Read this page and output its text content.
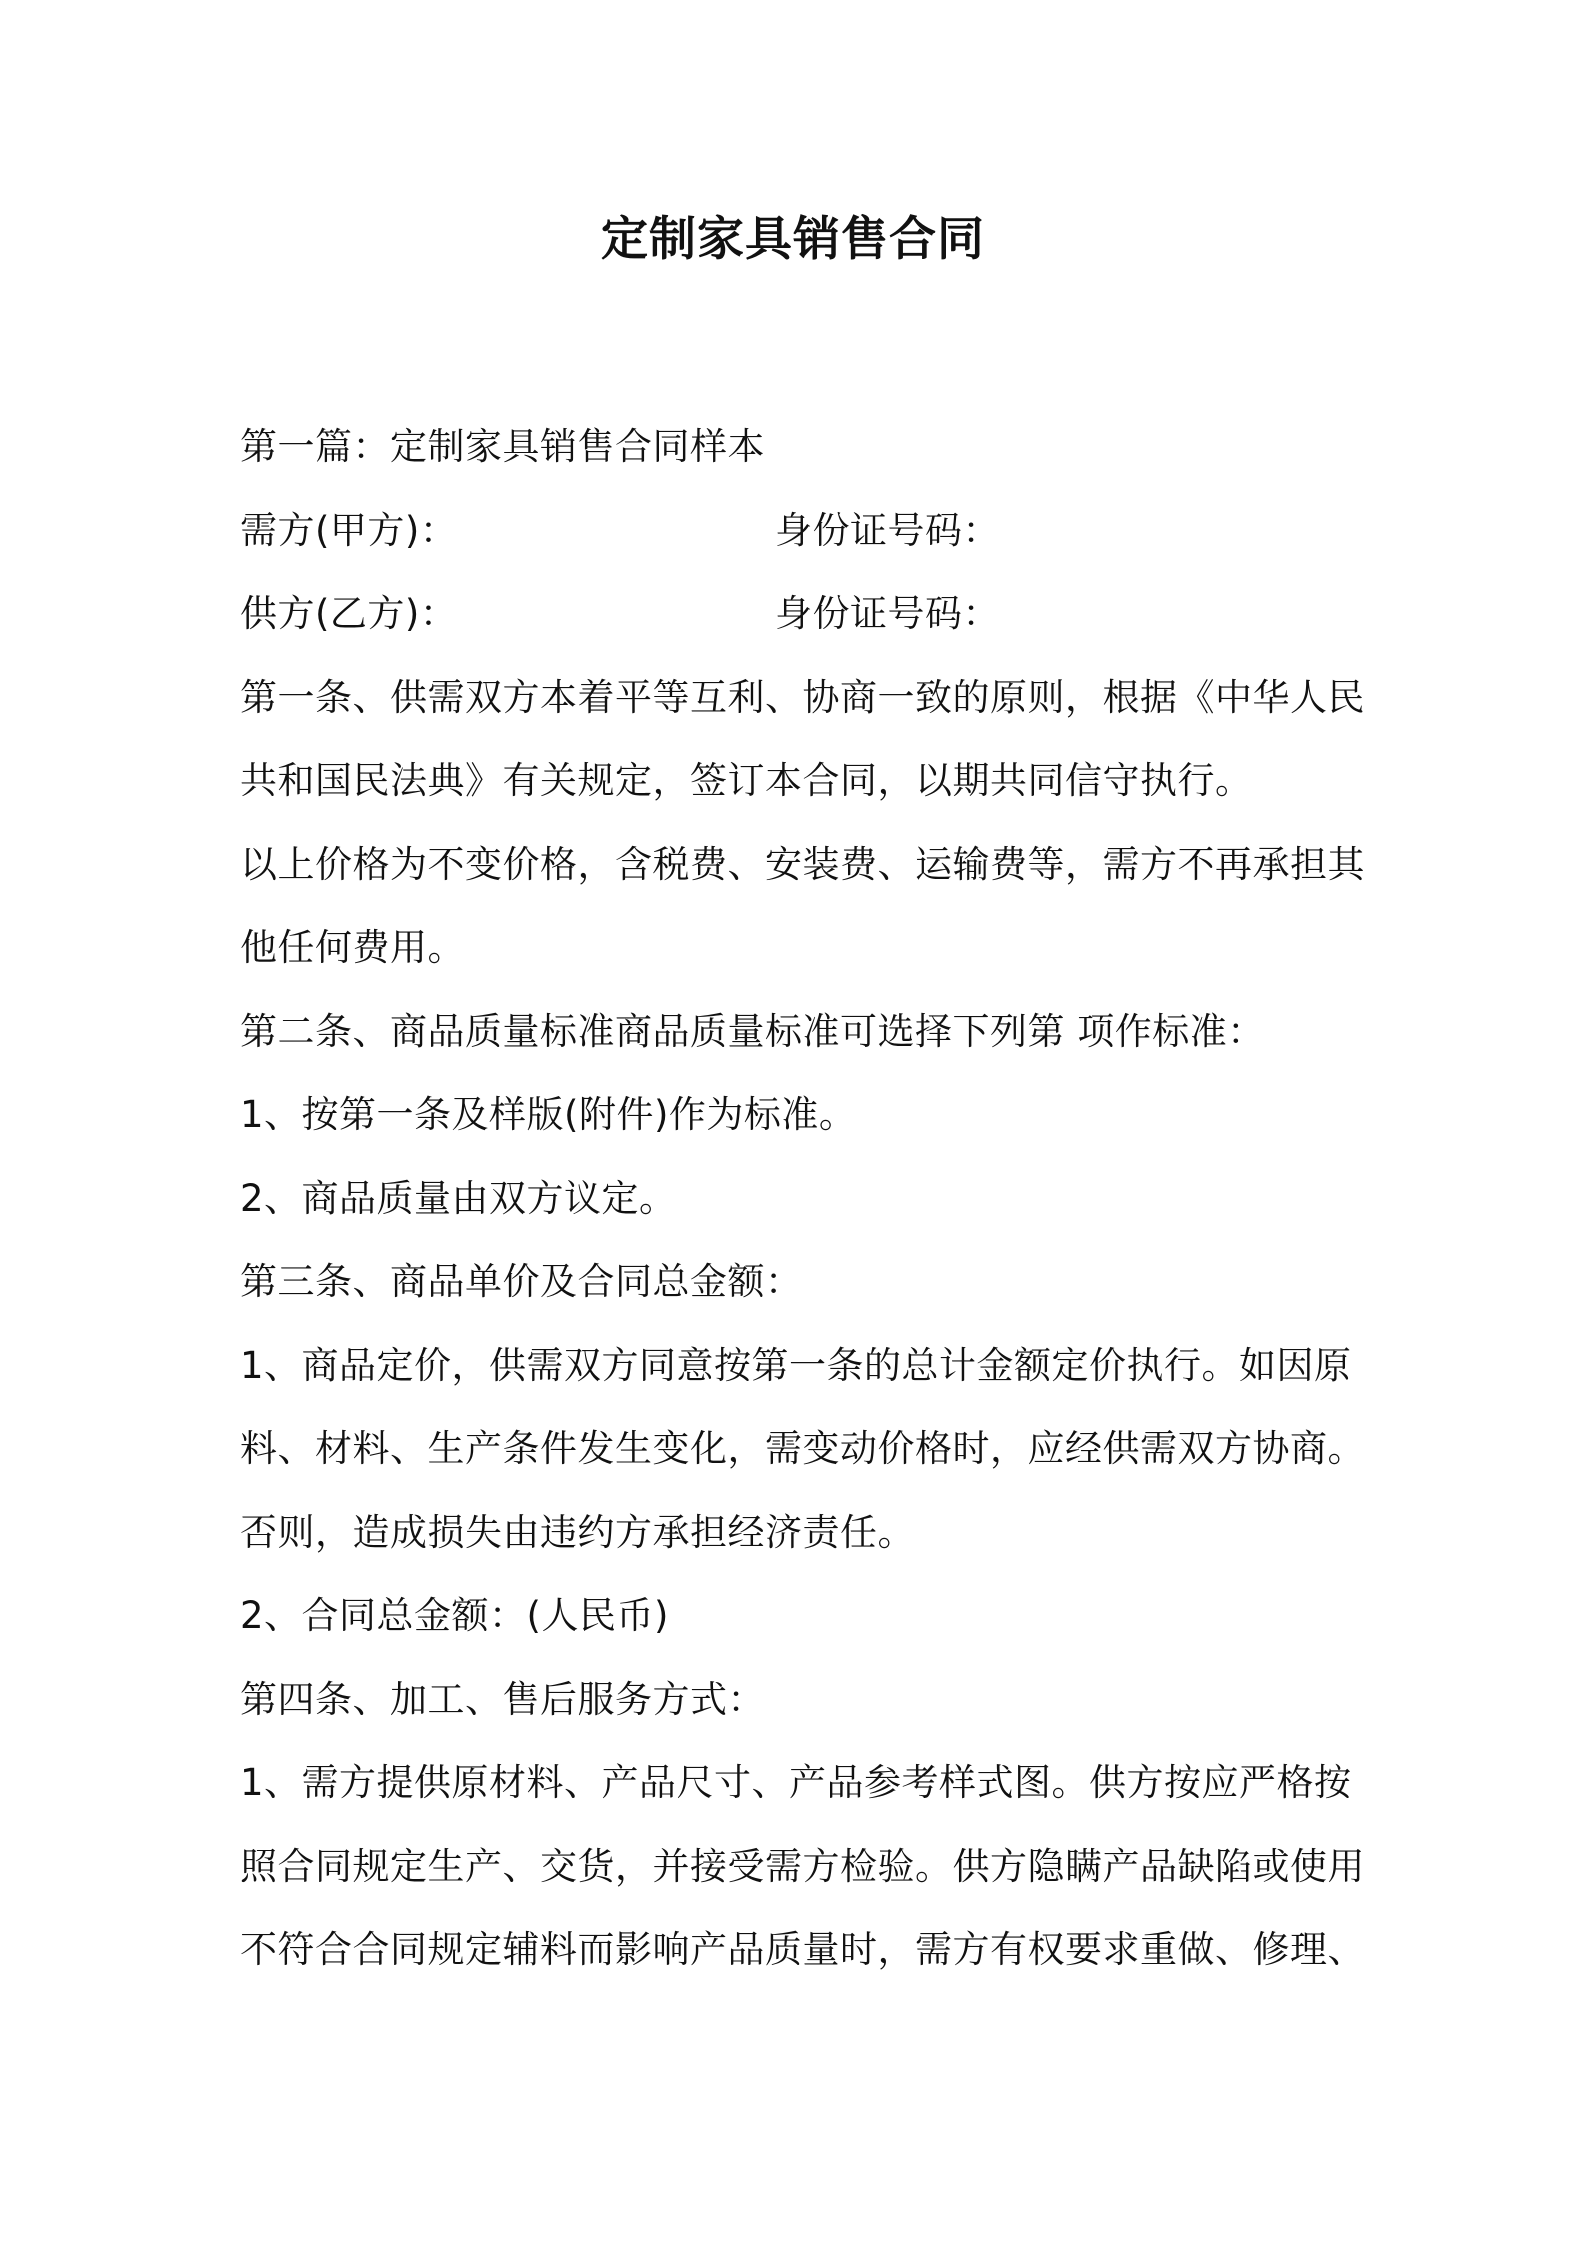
定制家具销售合同
第一篇：定制家具销售合同样本
需方(甲方)：	身份证号码：
供方(乙方)：	身份证号码：
第一条、供需双方本着平等互利、协商一致的原则，根据《中华人民
共和国民法典》有关规定，签订本合同，以期共同信守执行。
以上价格为不变价格，含税费、安装费、运输费等，需方不再承担其
他任何费用。
第二条、商品质量标准商品质量标准可选择下列第 项作标准：
1、按第一条及样版(附件)作为标准。
2、商品质量由双方议定。
第三条、商品单价及合同总金额：
1、商品定价，供需双方同意按第一条的总计金额定价执行。如因原
料、材料、生产条件发生变化，需变动价格时，应经供需双方协商。
否则，造成损失由违约方承担经济责任。
2、合同总金额：(人民币)
第四条、加工、售后服务方式：
1、需方提供原材料、产品尺寸、产品参考样式图。供方按应严格按
照合同规定生产、交货，并接受需方检验。供方隐瞒产品缺陷或使用
不符合合同规定辅料而影响产品质量时，需方有权要求重做、修理、
